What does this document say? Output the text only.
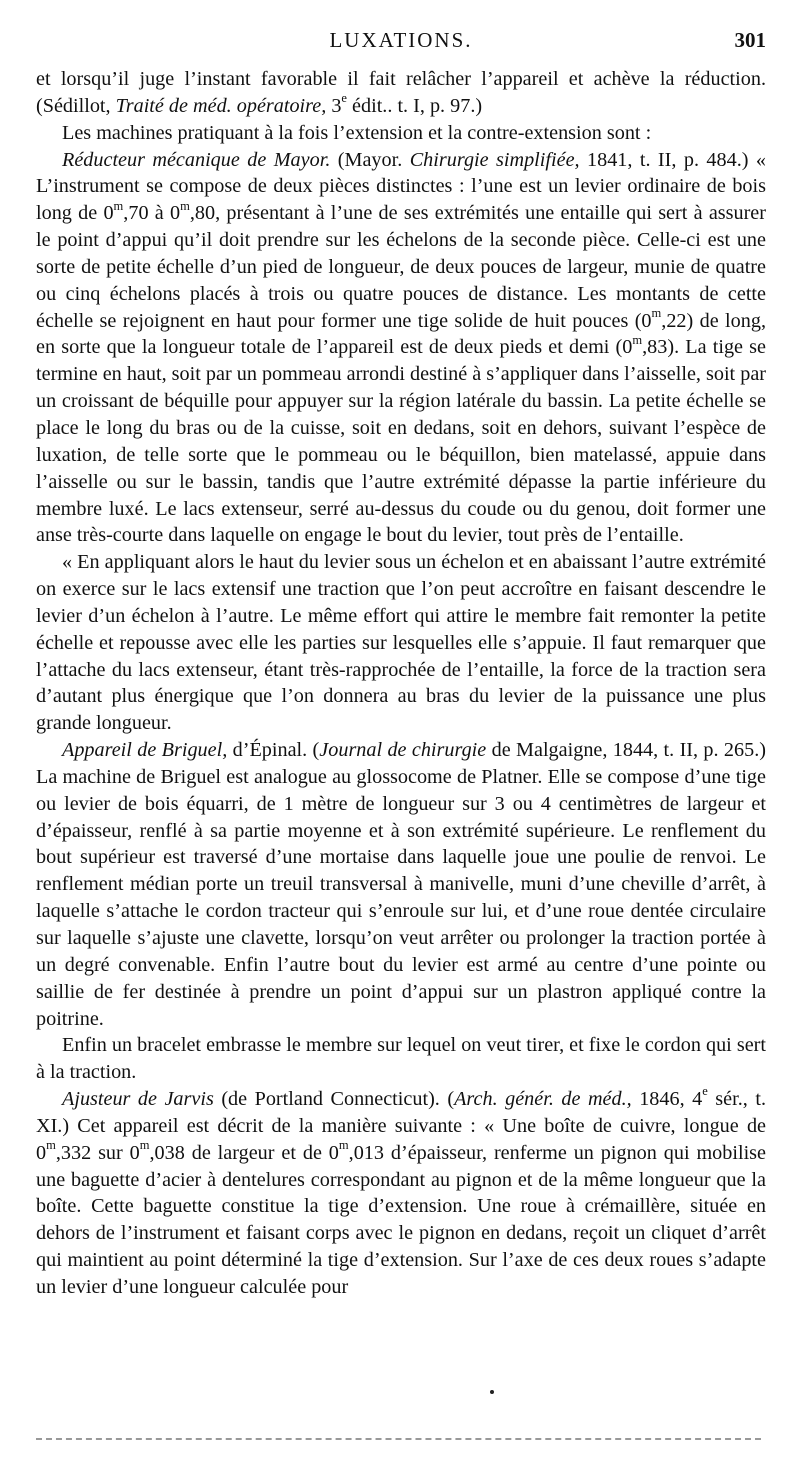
LUXATIONS.	301

et lorsqu’il juge l’instant favorable il fait relâcher l’appareil et achève la réduction. (Sédillot, Traité de méd. opératoire, 3e édit.. t. I, p. 97.)

Les machines pratiquant à la fois l’extension et la contre-extension sont :

Réducteur mécanique de Mayor. (Mayor. Chirurgie simplifiée, 1841, t. II, p. 484.) « L’instrument se compose de deux pièces distinctes : l’une est un levier ordinaire de bois long de 0$^m$,70 à 0$^m$,80, présentant à l’une de ses extrémités une entaille qui sert à assurer le point d’appui qu’il doit prendre sur les échelons de la seconde pièce. Celle-ci est une sorte de petite échelle d’un pied de longueur, de deux pouces de largeur, munie de quatre ou cinq échelons placés à trois ou quatre pouces de distance. Les montants de cette échelle se rejoignent en haut pour former une tige solide de huit pouces (0$^m$,22) de long, en sorte que la longueur totale de l’appareil est de deux pieds et demi (0$^m$,83). La tige se termine en haut, soit par un pommeau arrondi destiné à s’appliquer dans l’aisselle, soit par un croissant de béquille pour appuyer sur la région latérale du bassin. La petite échelle se place le long du bras ou de la cuisse, soit en dedans, soit en dehors, suivant l’espèce de luxation, de telle sorte que le pommeau ou le béquillon, bien matelassé, appuie dans l’aisselle ou sur le bassin, tandis que l’autre extrémité dépasse la partie inférieure du membre luxé. Le lacs extenseur, serré au-dessus du coude ou du genou, doit former une anse très-courte dans laquelle on engage le bout du levier, tout près de l’entaille.

« En appliquant alors le haut du levier sous un échelon et en abaissant l’autre extrémité on exerce sur le lacs extensif une traction que l’on peut accroître en faisant descendre le levier d’un échelon à l’autre. Le même effort qui attire le membre fait remonter la petite échelle et repousse avec elle les parties sur lesquelles elle s’appuie. Il faut remarquer que l’attache du lacs extenseur, étant très-rapprochée de l’entaille, la force de la traction sera d’autant plus énergique que l’on donnera au bras du levier de la puissance une plus grande longueur.

Appareil de Briguel, d’Épinal. (Journal de chirurgie de Malgaigne, 1844, t. II, p. 265.) La machine de Briguel est analogue au glossocome de Platner. Elle se compose d’une tige ou levier de bois équarri, de 1 mètre de longueur sur 3 ou 4 centimètres de largeur et d’épaisseur, renflé à sa partie moyenne et à son extrémité supérieure. Le renflement du bout supérieur est traversé d’une mortaise dans laquelle joue une poulie de renvoi. Le renflement médian porte un treuil transversal à manivelle, muni d’une cheville d’arrêt, à laquelle s’attache le cordon tracteur qui s’enroule sur lui, et d’une roue dentée circulaire sur laquelle s’ajuste une clavette, lorsqu’on veut arrêter ou prolonger la traction portée à un degré convenable. Enfin l’autre bout du levier est armé au centre d’une pointe ou saillie de fer destinée à prendre un point d’appui sur un plastron appliqué contre la poitrine.

Enfin un bracelet embrasse le membre sur lequel on veut tirer, et fixe le cordon qui sert à la traction.

Ajusteur de Jarvis (de Portland Connecticut). (Arch. génér. de méd., 1846, 4e sér., t. XI.) Cet appareil est décrit de la manière suivante : « Une boîte de cuivre, longue de 0$^m$,332 sur 0$^m$,038 de largeur et de 0$^m$,013 d’épaisseur, renferme un pignon qui mobilise une baguette d’acier à dentelures correspondant au pignon et de la même longueur que la boîte. Cette baguette constitue la tige d’extension. Une roue à crémaillère, située en dehors de l’instrument et faisant corps avec le pignon en dedans, reçoit un cliquet d’arrêt qui maintient au point déterminé la tige d’extension. Sur l’axe de ces deux roues s’adapte un levier d’une longueur calculée pour
